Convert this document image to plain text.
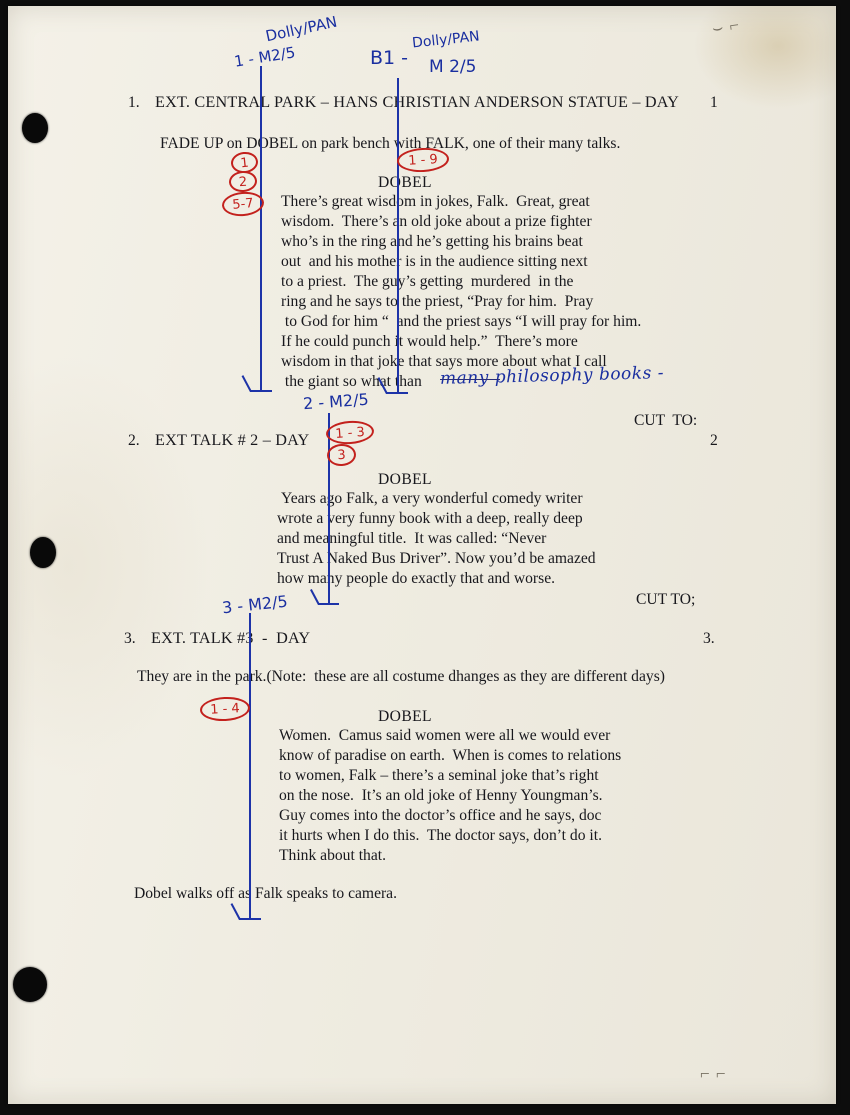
⌣ ⌐
⌐ ⌐
1. EXT. CENTRAL PARK – HANS CHRISTIAN ANDERSON STATUE – DAY 1
FADE UP on DOBEL on park bench with FALK, one of their many talks.
DOBEL
There’s great wisdom in jokes, Falk.  Great, great
wisdom.  There’s an old joke about a prize fighter
who’s in the ring and he’s getting his brains beat
out  and his mother is in the audience sitting next
to a priest.  The guy’s getting  murdered  in the
ring and he says to the priest, “Pray for him.  Pray
to God for him “  and the priest says “I will pray for him.
If he could punch it would help.”  There’s more
wisdom in that joke that says more about what I call
the giant so what than
CUT  TO:
2. EXT TALK # 2 – DAY	2
DOBEL
Years ago Falk, a very wonderful comedy writer
wrote a very funny book with a deep, really deep
and meaningful title.  It was called: “Never
Trust A Naked Bus Driver”. Now you’d be amazed
how many people do exactly that and worse.
CUT TO;
3. EXT. TALK #3  -  DAY	3.
They are in the park.(Note:  these are all costume dhanges as they are different days)
DOBEL
Women.  Camus said women were all we would ever
know of paradise on earth.  When is comes to relations
to women, Falk – there’s a seminal joke that’s right
on the nose.  It’s an old joke of Henny Youngman’s.
Guy comes into the doctor’s office and he says, doc
it hurts when I do this.  The doctor says, don’t do it.
Think about that.
Dobel walks off as Falk speaks to camera.
Dolly/PAN
1 - M2/5	B1 -
Dolly/PAN
M 2/5
2 - M2/5
3 - M2/5
many philosophy books -
1
2
5-7
1 - 9
1 - 3
3
1 - 4
